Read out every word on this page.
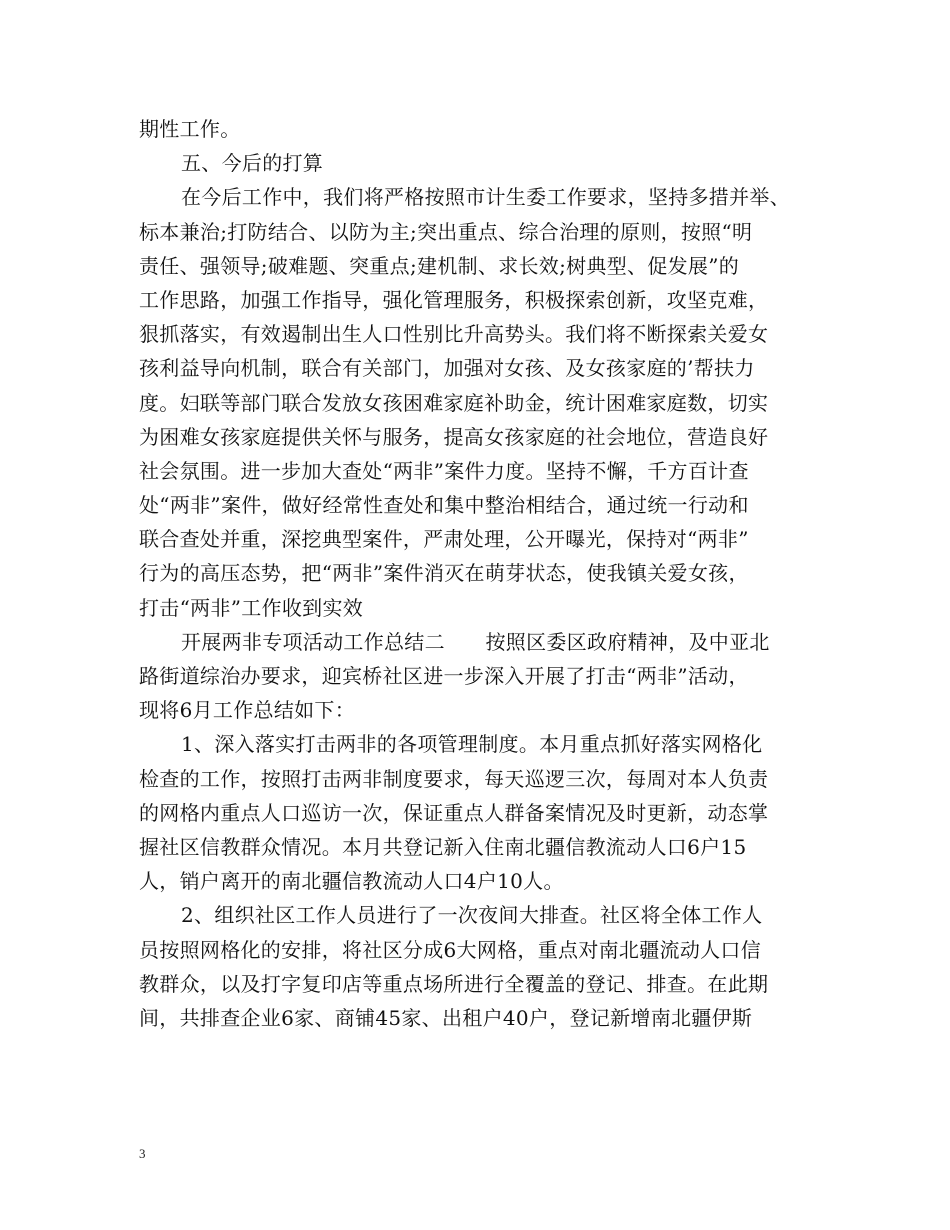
期性工作。
五、今后的打算
在今后工作中，我们将严格按照市计生委工作要求，坚持多措并举、
标本兼治;打防结合、以防为主;突出重点、综合治理的原则，按照“明
责任、强领导;破难题、突重点;建机制、求长效;树典型、促发展”的
工作思路，加强工作指导，强化管理服务，积极探索创新，攻坚克难，
狠抓落实，有效遏制出生人口性别比升高势头。我们将不断探索关爱女
孩利益导向机制，联合有关部门，加强对女孩、及女孩家庭的’帮扶力
度。妇联等部门联合发放女孩困难家庭补助金，统计困难家庭数，切实
为困难女孩家庭提供关怀与服务，提高女孩家庭的社会地位，营造良好
社会氛围。进一步加大查处“两非”案件力度。坚持不懈，千方百计查
处“两非”案件，做好经常性查处和集中整治相结合，通过统一行动和
联合查处并重，深挖典型案件，严肃处理，公开曝光，保持对“两非”
行为的高压态势，把“两非”案件消灭在萌芽状态，使我镇关爱女孩，
打击“两非”工作收到实效
开展两非专项活动工作总结二　　按照区委区政府精神，及中亚北
路街道综治办要求，迎宾桥社区进一步深入开展了打击“两非”活动，
现将6月工作总结如下：
1、深入落实打击两非的各项管理制度。本月重点抓好落实网格化
检查的工作，按照打击两非制度要求，每天巡逻三次，每周对本人负责
的网格内重点人口巡访一次，保证重点人群备案情况及时更新，动态掌
握社区信教群众情况。本月共登记新入住南北疆信教流动人口6户15
人，销户离开的南北疆信教流动人口4户10人。
2、组织社区工作人员进行了一次夜间大排查。社区将全体工作人
员按照网格化的安排，将社区分成6大网格，重点对南北疆流动人口信
教群众，以及打字复印店等重点场所进行全覆盖的登记、排查。在此期
间，共排查企业6家、商铺45家、出租户40户，登记新增南北疆伊斯
3
